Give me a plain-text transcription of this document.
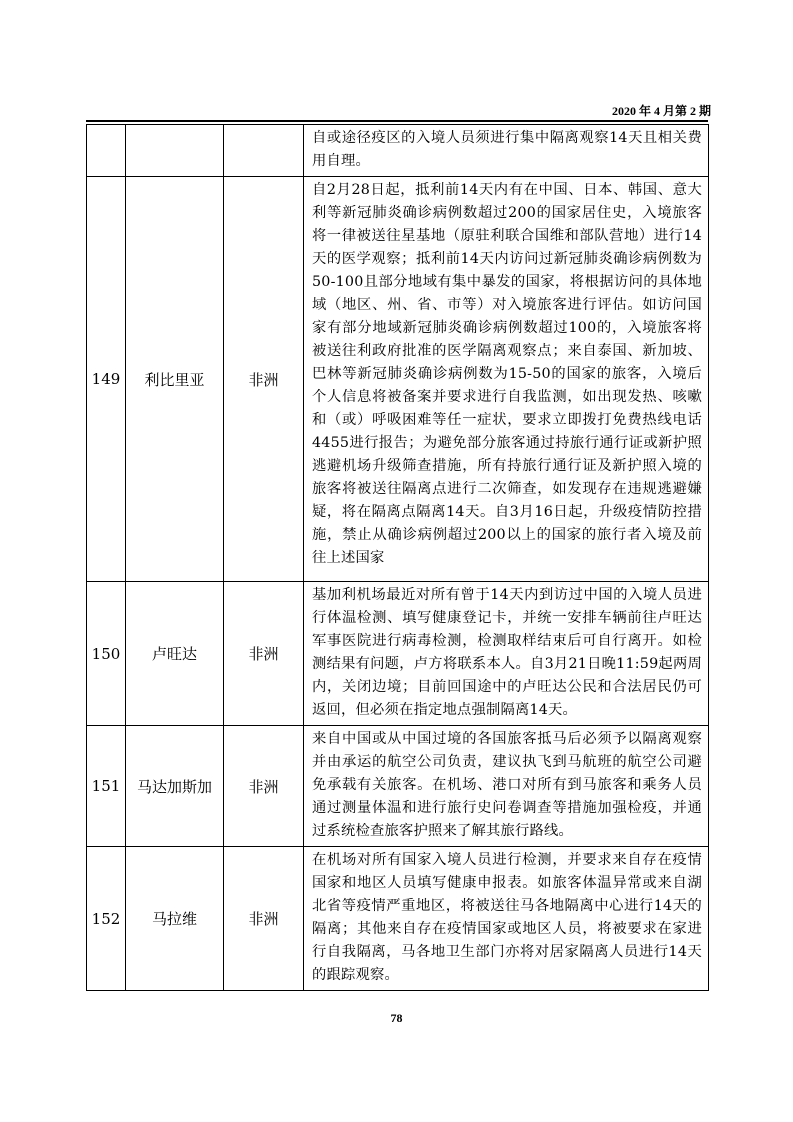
2020 年 4 月第 2 期
			自或途径疫区的入境人员须进行集中隔离观察14天且相关费用自理。
149	利比里亚	非洲	自2月28日起，抵利前14天内有在中国、日本、韩国、意大利等新冠肺炎确诊病例数超过200的国家居住史，入境旅客将一律被送往星基地（原驻利联合国维和部队营地）进行14天的医学观察；抵利前14天内访问过新冠肺炎确诊病例数为50-100且部分地域有集中暴发的国家，将根据访问的具体地域（地区、州、省、市等）对入境旅客进行评估。如访问国家有部分地域新冠肺炎确诊病例数超过100的，入境旅客将被送往利政府批准的医学隔离观察点；来自泰国、新加坡、巴林等新冠肺炎确诊病例数为15-50的国家的旅客，入境后个人信息将被备案并要求进行自我监测，如出现发热、咳嗽和（或）呼吸困难等任一症状，要求立即拨打免费热线电话4455进行报告；为避免部分旅客通过持旅行通行证或新护照逃避机场升级筛查措施，所有持旅行通行证及新护照入境的旅客将被送往隔离点进行二次筛查，如发现存在违规逃避嫌疑，将在隔离点隔离14天。自3月16日起，升级疫情防控措施，禁止从确诊病例超过200以上的国家的旅行者入境及前往上述国家
150	卢旺达	非洲	基加利机场最近对所有曾于14天内到访过中国的入境人员进行体温检测、填写健康登记卡，并统一安排车辆前往卢旺达军事医院进行病毒检测，检测取样结束后可自行离开。如检测结果有问题，卢方将联系本人。自3月21日晚11:59起两周内，关闭边境；目前回国途中的卢旺达公民和合法居民仍可返回，但必须在指定地点强制隔离14天。
151	马达加斯加	非洲	来自中国或从中国过境的各国旅客抵马后必须予以隔离观察并由承运的航空公司负责，建议执飞到马航班的航空公司避免承载有关旅客。在机场、港口对所有到马旅客和乘务人员通过测量体温和进行旅行史问卷调查等措施加强检疫，并通过系统检查旅客护照来了解其旅行路线。
152	马拉维	非洲	在机场对所有国家入境人员进行检测，并要求来自存在疫情国家和地区人员填写健康申报表。如旅客体温异常或来自湖北省等疫情严重地区，将被送往马各地隔离中心进行14天的隔离；其他来自存在疫情国家或地区人员，将被要求在家进行自我隔离，马各地卫生部门亦将对居家隔离人员进行14天的跟踪观察。
78
